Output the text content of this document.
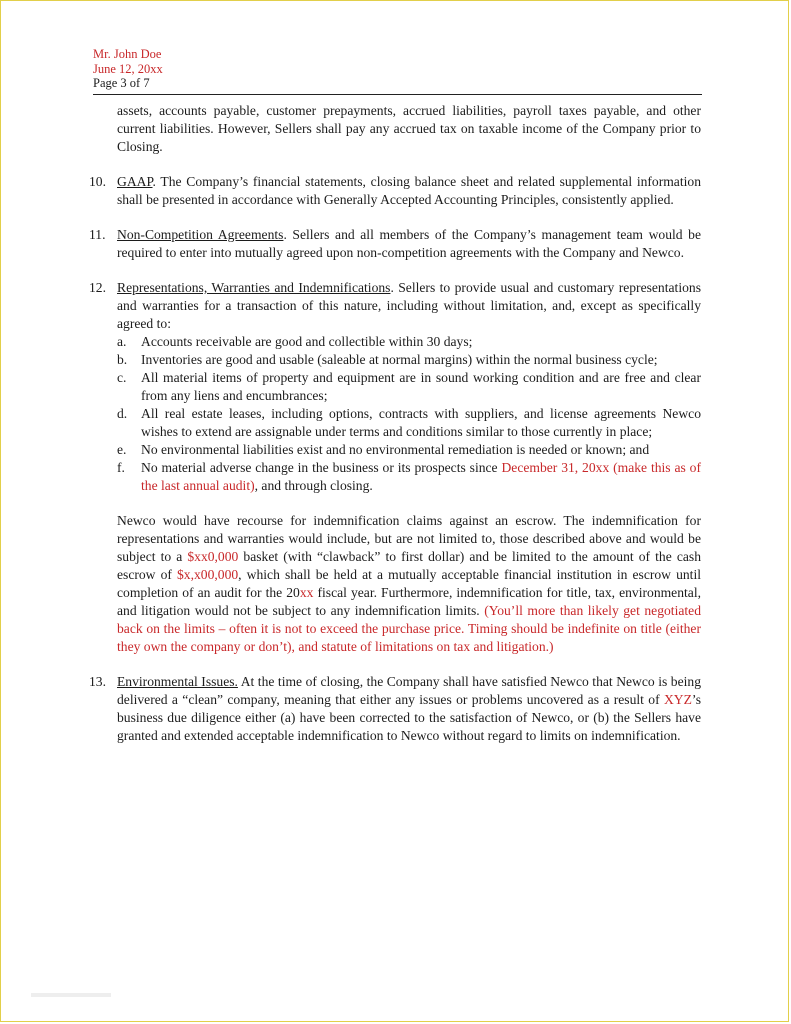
Mr. John Doe
June 12, 20xx
Page 3 of 7

assets, accounts payable, customer prepayments, accrued liabilities, payroll taxes payable, and other current liabilities. However, Sellers shall pay any accrued tax on taxable income of the Company prior to Closing.

10. GAAP. The Company’s financial statements, closing balance sheet and related supplemental information shall be presented in accordance with Generally Accepted Accounting Principles, consistently applied.
11. Non-Competition Agreements. Sellers and all members of the Company’s management team would be required to enter into mutually agreed upon non-competition agreements with the Company and Newco.
12. Representations, Warranties and Indemnifications. Sellers to provide usual and customary representations and warranties for a transaction of this nature, including without limitation, and, except as specifically agreed to:
a. Accounts receivable are good and collectible within 30 days;
b. Inventories are good and usable (saleable at normal margins) within the normal business cycle;
c. All material items of property and equipment are in sound working condition and are free and clear from any liens and encumbrances;
d. All real estate leases, including options, contracts with suppliers, and license agreements Newco wishes to extend are assignable under terms and conditions similar to those currently in place;
e. No environmental liabilities exist and no environmental remediation is needed or known; and
f. No material adverse change in the business or its prospects since December 31, 20xx (make this as of the last annual audit), and through closing.

Newco would have recourse for indemnification claims against an escrow. The indemnification for representations and warranties would include, but are not limited to, those described above and would be subject to a $xx0,000 basket (with “clawback” to first dollar) and be limited to the amount of the cash escrow of $x,x00,000, which shall be held at a mutually acceptable financial institution in escrow until completion of an audit for the 20xx fiscal year. Furthermore, indemnification for title, tax, environmental, and litigation would not be subject to any indemnification limits. (You’ll more than likely get negotiated back on the limits – often it is not to exceed the purchase price. Timing should be indefinite on title (either they own the company or don’t), and statute of limitations on tax and litigation.)

13. Environmental Issues. At the time of closing, the Company shall have satisfied Newco that Newco is being delivered a “clean” company, meaning that either any issues or problems uncovered as a result of XYZ’s business due diligence either (a) have been corrected to the satisfaction of Newco, or (b) the Sellers have granted and extended acceptable indemnification to Newco without regard to limits on indemnification.
